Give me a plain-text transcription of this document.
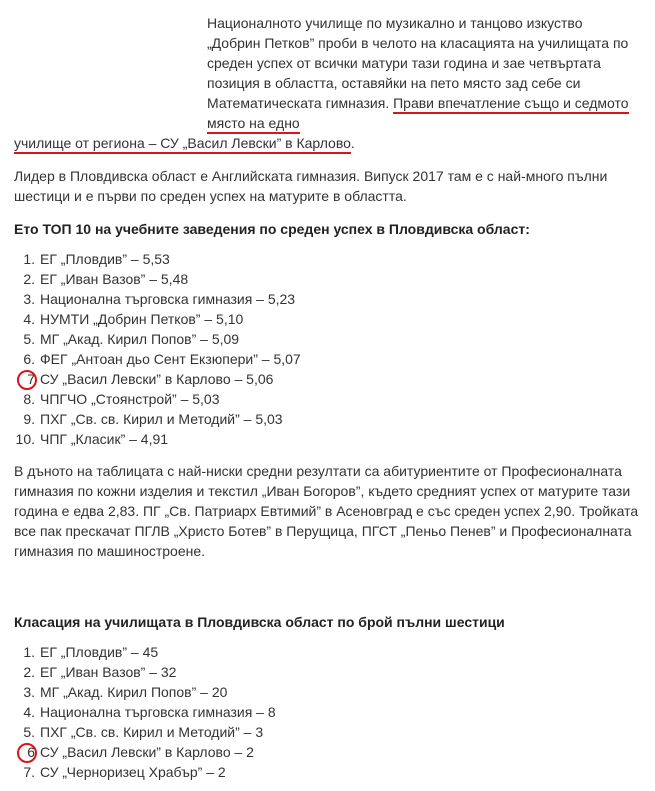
Националното училище по музикално и танцово изкуство „Добрин Петков” проби в челото на класацията на училищата по среден успех от всички матури тази година и зае четвъртата позиция в областта, оставяйки на пето място зад себе си Математическата гимназия. Прави впечатление също и седмото място на едно

училище от региона – СУ „Васил Левски” в Карлово.

Лидер в Пловдивска област е Английската гимназия. Випуск 2017 там е с най-много пълни шестици и е първи по среден успех на матурите в областта.

Ето ТОП 10 на учебните заведения по среден успех в Пловдивска област:

1. ЕГ „Пловдив” – 5,53
2. ЕГ „Иван Вазов” – 5,48
3. Национална търговска гимназия – 5,23
4. НУМТИ „Добрин Петков” – 5,10
5. МГ „Акад. Кирил Попов” – 5,09
6. ФЕГ „Антоан дьо Сент Екзюпери” – 5,07
7 СУ „Васил Левски” в Карлово – 5,06
8. ЧПГЧО „Стоянстрой” – 5,03
9. ПХГ „Св. св. Кирил и Методий” – 5,03
10. ЧПГ „Класик” – 4,91

В дъното на таблицата с най-ниски средни резултати са абитуриентите от Професионалната гимназия по кожни изделия и текстил „Иван Богоров”, където средният успех от матурите тази година е едва 2,83. ПГ „Св. Патриарх Евтимий” в Асеновград е със среден успех 2,90. Тройката все пак прескачат ПГЛВ „Христо Ботев” в Перущица, ПГСТ „Пеньо Пенев” и Професионалната гимназия по машиностроене.

Класация на училищата в Пловдивска област по брой пълни шестици

1. ЕГ „Пловдив” – 45
2. ЕГ „Иван Вазов” – 32
3. МГ „Акад. Кирил Попов” – 20
4. Национална търговска гимназия – 8
5. ПХГ „Св. св. Кирил и Методий” – 3
6 СУ „Васил Левски” в Карлово – 2
7. СУ „Черноризец Храбър” – 2
